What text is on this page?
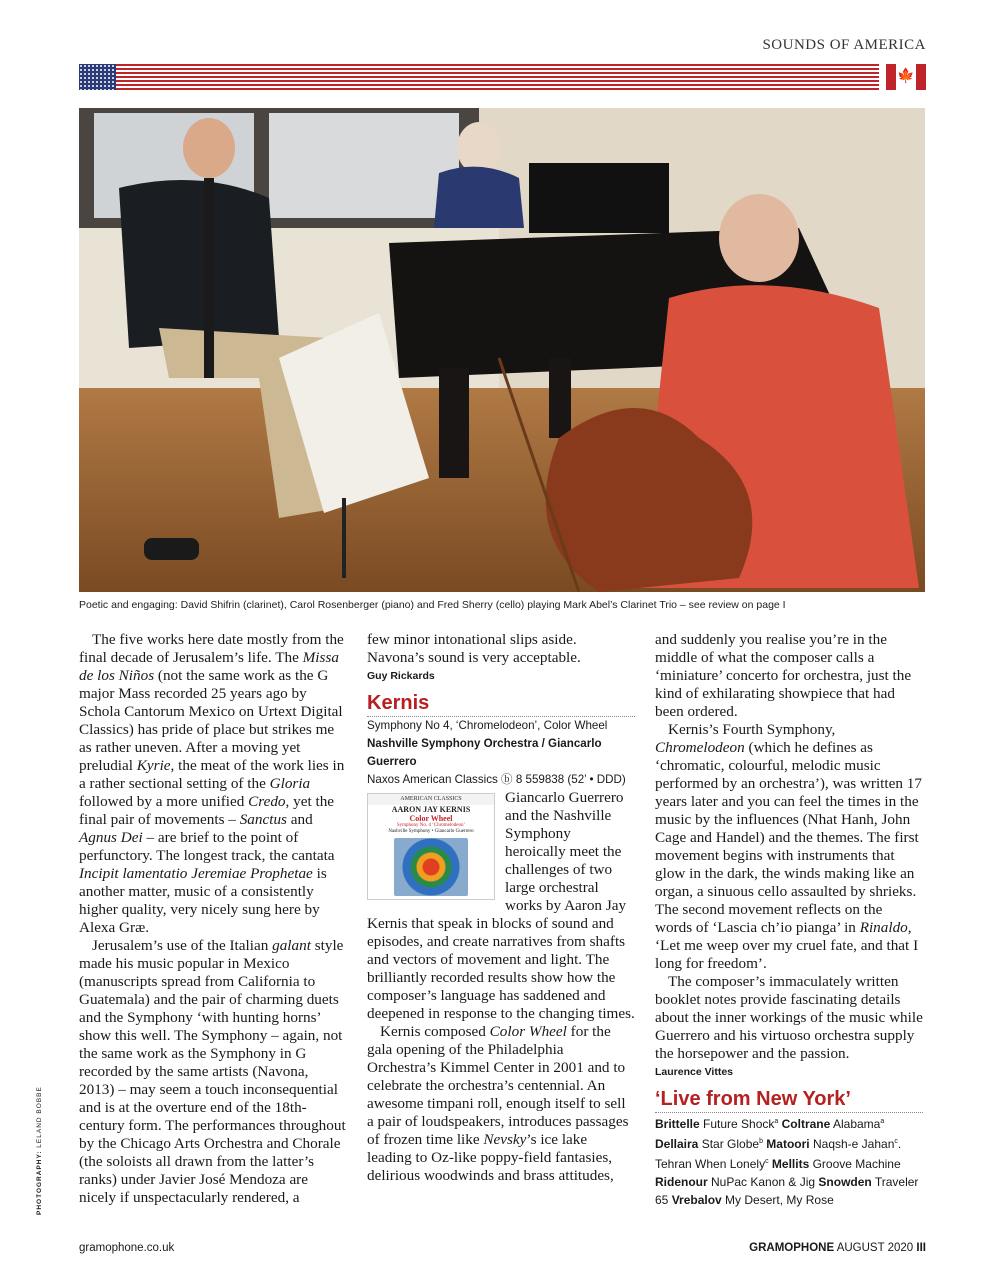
SOUNDS OF AMERICA
🍁
Poetic and engaging: David Shifrin (clarinet), Carol Rosenberger (piano) and Fred Sherry (cello) playing Mark Abel’s Clarinet Trio – see review on page I
PHOTOGRAPHY: LELAND BOBBE

The five works here date mostly from the final decade of Jerusalem’s life. The Missa de los Niños (not the same work as the G major Mass recorded 25 years ago by Schola Cantorum Mexico on Urtext Digital Classics) has pride of place but strikes me as rather uneven. After a moving yet preludial Kyrie, the meat of the work lies in a rather sectional setting of the Gloria followed by a more unified Credo, yet the final pair of movements – Sanctus and Agnus Dei – are brief to the point of perfunctory. The longest track, the cantata Incipit lamentatio Jeremiae Prophetae is another matter, music of a consistently higher quality, very nicely sung here by Alexa Græ.

Jerusalem’s use of the Italian galant style made his music popular in Mexico (manuscripts spread from California to Guatemala) and the pair of charming duets and the Symphony ‘with hunting horns’ show this well. The Symphony – again, not the same work as the Symphony in G recorded by the same artists (Navona, 2013) – may seem a touch inconsequential and is at the overture end of the 18th-century form. The performances throughout by the Chicago Arts Orchestra and Chorale (the soloists all drawn from the latter’s ranks) under Javier José Mendoza are nicely if unspectacularly rendered, a

few minor intonational slips aside. Navona’s sound is very acceptable.

Guy Rickards
Kernis
Symphony No 4, ‘Chromelodeon’, Color Wheel
Nashville Symphony Orchestra / Giancarlo Guerrero
Naxos American Classics ⓑ 8 559838 (52’ • DDD)
AMERICAN CLASSICS
AARON JAY KERNIS
Color Wheel
Symphony No. 4 ‘Chromelodeon’
Nashville Symphony • Giancarlo Guerrero

Giancarlo Guerrero and the Nashville Symphony heroically meet the challenges of two large orchestral works by Aaron Jay Kernis that speak in blocks of sound and episodes, and create narratives from shafts and vectors of movement and light. The brilliantly recorded results show how the composer’s language has saddened and deepened in response to the changing times.

Kernis composed Color Wheel for the gala opening of the Philadelphia Orchestra’s Kimmel Center in 2001 and to celebrate the orchestra’s centennial. An awesome timpani roll, enough itself to sell a pair of loudspeakers, introduces passages of frozen time like Nevsky’s ice lake leading to Oz-like poppy-field fantasies, delirious woodwinds and brass attitudes,

and suddenly you realise you’re in the middle of what the composer calls a ‘miniature’ concerto for orchestra, just the kind of exhilarating showpiece that had been ordered.

Kernis’s Fourth Symphony, Chromelodeon (which he defines as ‘chromatic, colourful, melodic music performed by an orchestra’), was written 17 years later and you can feel the times in the music by the influences (Nhat Hanh, John Cage and Handel) and the themes. The first movement begins with instruments that glow in the dark, the winds making like an organ, a sinuous cello assaulted by shrieks. The second movement reflects on the words of ‘Lascia ch’io pianga’ in Rinaldo, ‘Let me weep over my cruel fate, and that I long for freedom’.

The composer’s immaculately written booklet notes provide fascinating details about the inner workings of the music while Guerrero and his virtuoso orchestra supply the horsepower and the passion.

Laurence Vittes
‘Live from New York’
Brittelle Future Shock$^a$ Coltrane Alabama$^a$ Dellaira Star Globe$^b$ Matoori Naqsh-e Jahan$^c$. Tehran When Lonely$^c$ Mellits Groove Machine Ridenour NuPac Kanon & Jig Snowden Traveler 65 Vrebalov My Desert, My Rose
gramophone.co.uk	GRAMOPHONE AUGUST 2020 III
